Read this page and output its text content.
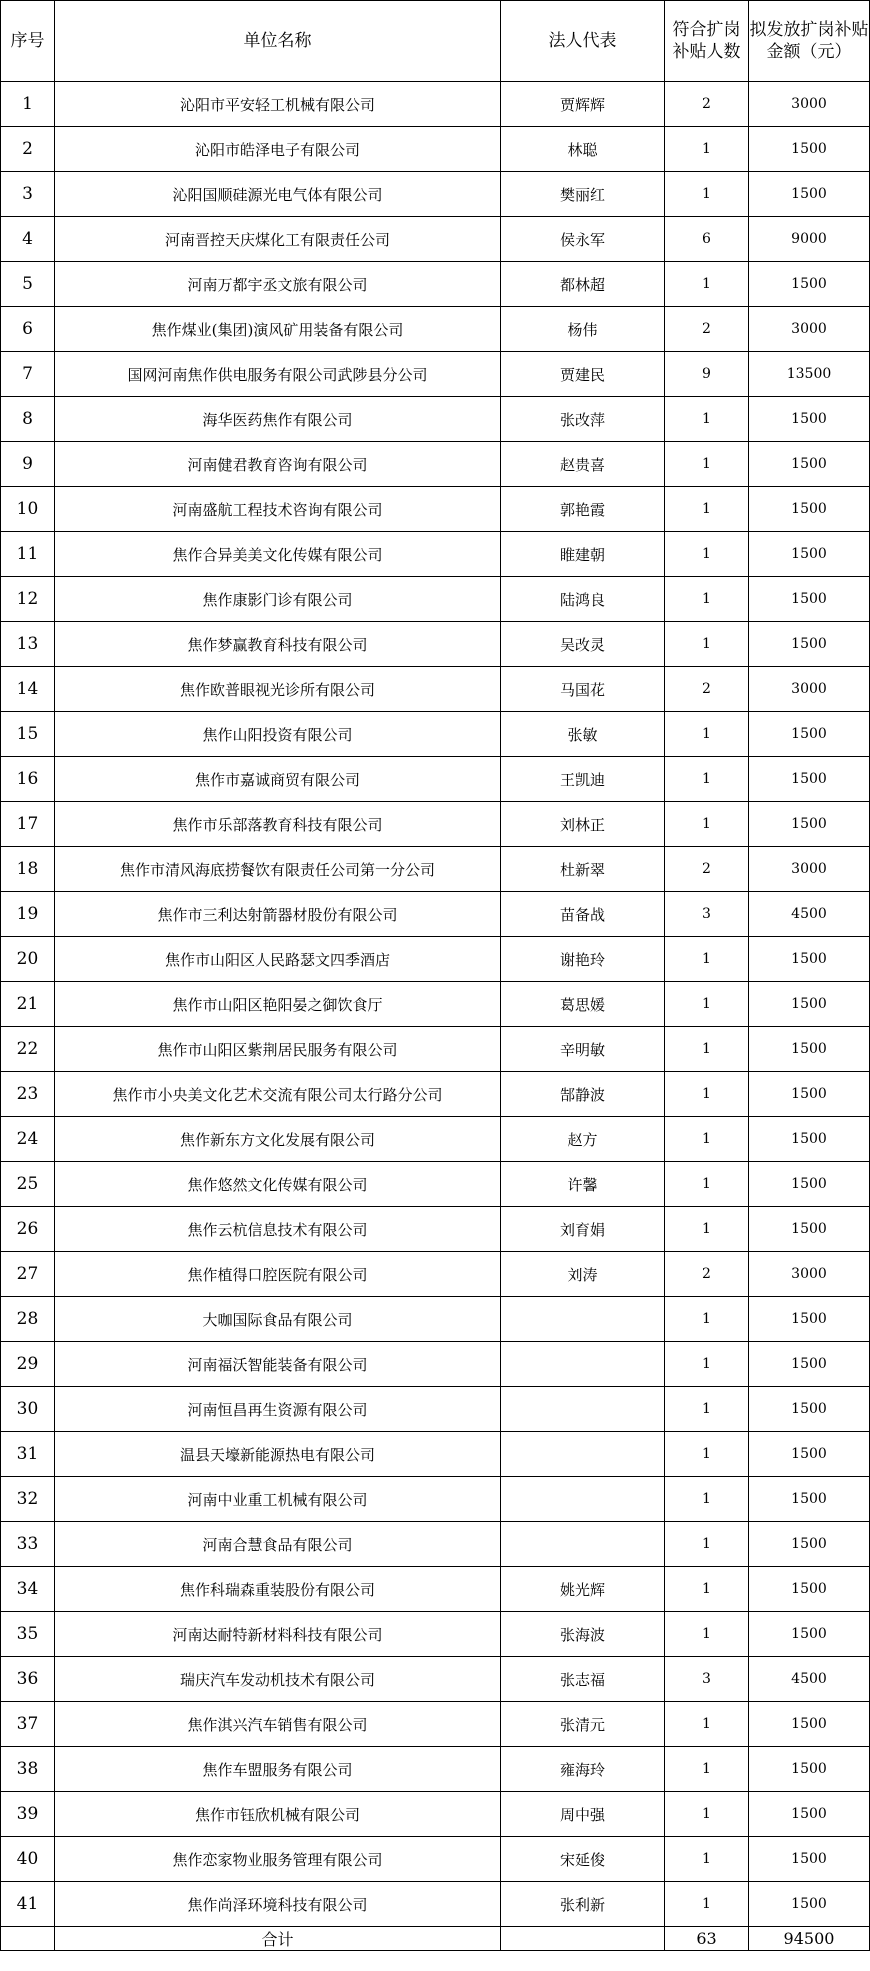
序号	单位名称	法人代表	符合扩岗补贴人数	拟发放扩岗补贴金额（元）
1	沁阳市平安轻工机械有限公司	贾辉辉	2	3000
2	沁阳市皓泽电子有限公司	林聪	1	1500
3	沁阳国顺硅源光电气体有限公司	樊丽红	1	1500
4	河南晋控天庆煤化工有限责任公司	侯永军	6	9000
5	河南万都宇丞文旅有限公司	都林超	1	1500
6	焦作煤业(集团)演风矿用装备有限公司	杨伟	2	3000
7	国网河南焦作供电服务有限公司武陟县分公司	贾建民	9	13500
8	海华医药焦作有限公司	张改萍	1	1500
9	河南健君教育咨询有限公司	赵贵喜	1	1500
10	河南盛航工程技术咨询有限公司	郭艳霞	1	1500
11	焦作合异美美文化传媒有限公司	睢建朝	1	1500
12	焦作康影门诊有限公司	陆鸿良	1	1500
13	焦作梦赢教育科技有限公司	吴改灵	1	1500
14	焦作欧普眼视光诊所有限公司	马国花	2	3000
15	焦作山阳投资有限公司	张敏	1	1500
16	焦作市嘉诚商贸有限公司	王凯迪	1	1500
17	焦作市乐部落教育科技有限公司	刘林正	1	1500
18	焦作市清风海底捞餐饮有限责任公司第一分公司	杜新翠	2	3000
19	焦作市三利达射箭器材股份有限公司	苗备战	3	4500
20	焦作市山阳区人民路瑟文四季酒店	谢艳玲	1	1500
21	焦作市山阳区艳阳晏之御饮食厅	葛思媛	1	1500
22	焦作市山阳区紫荆居民服务有限公司	辛明敏	1	1500
23	焦作市小央美文化艺术交流有限公司太行路分公司	郜静波	1	1500
24	焦作新东方文化发展有限公司	赵方	1	1500
25	焦作悠然文化传媒有限公司	许馨	1	1500
26	焦作云杭信息技术有限公司	刘育娟	1	1500
27	焦作植得口腔医院有限公司	刘涛	2	3000
28	大咖国际食品有限公司		1	1500
29	河南福沃智能装备有限公司		1	1500
30	河南恒昌再生资源有限公司		1	1500
31	温县天壕新能源热电有限公司		1	1500
32	河南中业重工机械有限公司		1	1500
33	河南合慧食品有限公司		1	1500
34	焦作科瑞森重装股份有限公司	姚光辉	1	1500
35	河南达耐特新材料科技有限公司	张海波	1	1500
36	瑞庆汽车发动机技术有限公司	张志福	3	4500
37	焦作淇兴汽车销售有限公司	张清元	1	1500
38	焦作车盟服务有限公司	雍海玲	1	1500
39	焦作市钰欣机械有限公司	周中强	1	1500
40	焦作恋家物业服务管理有限公司	宋延俊	1	1500
41	焦作尚泽环境科技有限公司	张利新	1	1500
	合计		63	94500
